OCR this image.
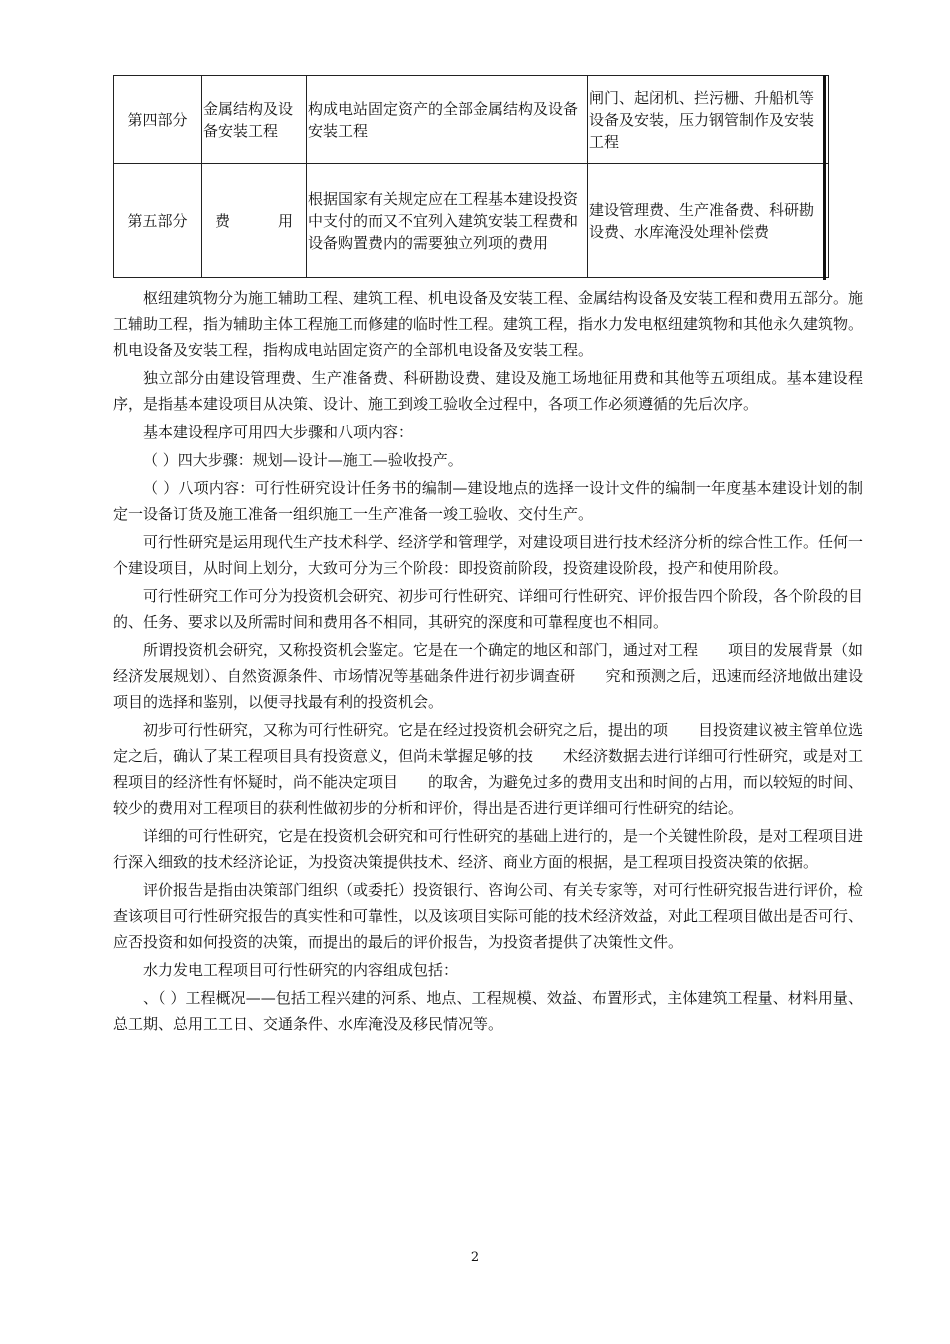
第四部分	金属结构及设备安装工程	构成电站固定资产的全部金属结构及设备安装工程	闸门、起闭机、拦污栅、升船机等设备及安装，压力钢管制作及安装工程
第五部分	费 用	根据国家有关规定应在工程基本建设投资中支付的而又不宜列入建筑安装工程费和设备购置费内的需要独立列项的费用	建设管理费、生产准备费、科研勘设费、水库淹没处理补偿费

枢纽建筑物分为施工辅助工程、建筑工程、机电设备及安装工程、金属结构设备及安装工程和费用五部分。施工辅助工程，指为辅助主体工程施工而修建的临时性工程。建筑工程，指水力发电枢纽建筑物和其他永久建筑物。机电设备及安装工程，指构成电站固定资产的全部机电设备及安装工程。

独立部分由建设管理费、生产准备费、科研勘设费、建设及施工场地征用费和其他等五项组成。基本建设程序，是指基本建设项目从决策、设计、施工到竣工验收全过程中，各项工作必须遵循的先后次序。

基本建设程序可用四大步骤和八项内容：

（ ）四大步骤：规划—设计—施工—验收投产。

（ ）八项内容：可行性研究设计任务书的编制—建设地点的选择一设计文件的编制一年度基本建设计划的制定一设备订货及施工准备一组织施工一生产准备一竣工验收、交付生产。

可行性研究是运用现代生产技术科学、经济学和管理学，对建设项目进行技术经济分析的综合性工作。任何一个建设项目，从时间上划分，大致可分为三个阶段：即投资前阶段，投资建设阶段，投产和使用阶段。

可行性研究工作可分为投资机会研究、初步可行性研究、详细可行性研究、评价报告四个阶段，各个阶段的目的、任务、要求以及所需时间和费用各不相同，其研究的深度和可靠程度也不相同。

所谓投资机会研究，又称投资机会鉴定。它是在一个确定的地区和部门，通过对工程　　项目的发展背景（如经济发展规划）、自然资源条件、市场情况等基础条件进行初步调查研　　究和预测之后，迅速而经济地做出建设项目的选择和鉴别，以便寻找最有利的投资机会。

初步可行性研究，又称为可行性研究。它是在经过投资机会研究之后，提出的项　　目投资建议被主管单位选定之后，确认了某工程项目具有投资意义，但尚未掌握足够的技　　术经济数据去进行详细可行性研究，或是对工程项目的经济性有怀疑时，尚不能决定项目　　的取舍，为避免过多的费用支出和时间的占用，而以较短的时间、较少的费用对工程项目的获利性做初步的分析和评价，得出是否进行更详细可行性研究的结论。

详细的可行性研究，它是在投资机会研究和可行性研究的基础上进行的，是一个关键性阶段，是对工程项目进行深入细致的技术经济论证，为投资决策提供技术、经济、商业方面的根据，是工程项目投资决策的依据。

评价报告是指由决策部门组织（或委托）投资银行、咨询公司、有关专家等，对可行性研究报告进行评价，检查该项目可行性研究报告的真实性和可靠性，以及该项目实际可能的技术经济效益，对此工程项目做出是否可行、应否投资和如何投资的决策，而提出的最后的评价报告，为投资者提供了决策性文件。

水力发电工程项目可行性研究的内容组成包括：

、（ ）工程概况——包括工程兴建的河系、地点、工程规模、效益、布置形式，主体建筑工程量、材料用量、总工期、总用工工日、交通条件、水库淹没及移民情况等。

2
